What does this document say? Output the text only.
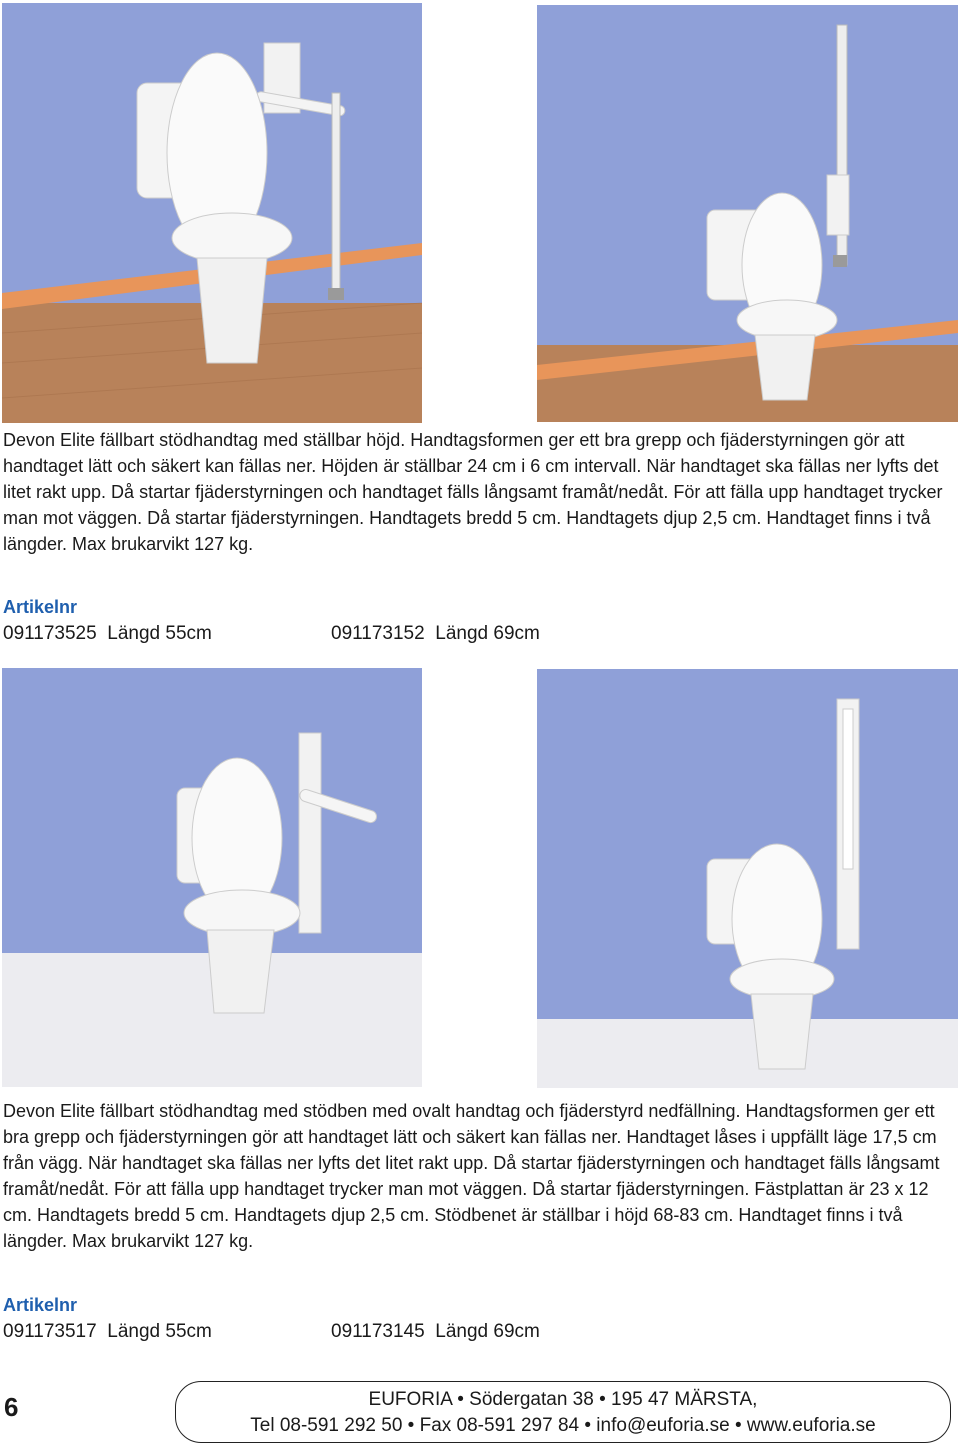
Devon Elite fällbart stödhandtag med ställbar höjd. Handtagsformen ger ett bra grepp och fjäderstyrningen gör att handtaget lätt och säkert kan fällas ner. Höjden är ställbar 24 cm i 6 cm intervall. När handtaget ska fällas ner lyfts det litet rakt upp. Då startar fjäderstyrningen och handtaget fälls långsamt framåt/nedåt. För att fälla upp handtaget trycker man mot väggen. Då startar fjäderstyrningen. Handtagets bredd 5 cm. Handtagets djup 2,5 cm. Handtaget finns i två längder. Max brukarvikt 127 kg.

Artikelnr

091173525 Längd 55cm	091173152 Längd 69cm

Devon Elite fällbart stödhandtag med stödben med ovalt handtag och fjäderstyrd nedfällning. Handtagsformen ger ett bra grepp och fjäderstyrningen gör att handtaget lätt och säkert kan fällas ner. Handtaget låses i uppfällt läge 17,5 cm från vägg. När handtaget ska fällas ner lyfts det litet rakt upp. Då startar fjäderstyrningen och handtaget fälls långsamt framåt/nedåt. För att fälla upp handtaget trycker man mot väggen. Då startar fjäderstyrningen. Fästplattan är 23 x 12 cm. Handtagets bredd 5 cm. Handtagets djup 2,5 cm. Stödbenet är ställbar i höjd 68-83 cm. Handtaget finns i två längder. Max brukarvikt 127 kg.

Artikelnr

091173517 Längd 55cm	091173145 Längd 69cm

6	EUFORIA • Södergatan 38 • 195 47 MÄRSTA,
Tel 08-591 292 50 • Fax 08-591 297 84 • info@euforia.se • www.euforia.se
